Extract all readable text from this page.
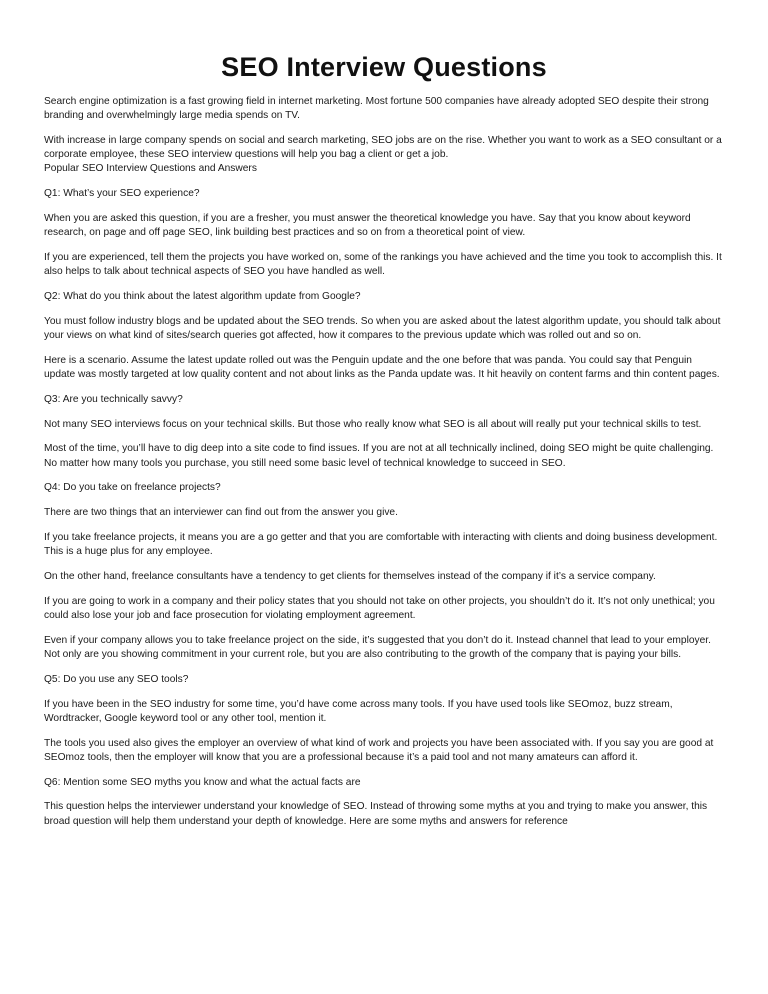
SEO Interview Questions

Search engine optimization is a fast growing field in internet marketing. Most fortune 500 companies have already adopted SEO despite their strong branding and overwhelmingly large media spends on TV.

With increase in large company spends on social and search marketing, SEO jobs are on the rise. Whether you want to work as a SEO consultant or a corporate employee, these SEO interview questions will help you bag a client or get a job.

Popular SEO Interview Questions and Answers

Q1: What’s your SEO experience?

When you are asked this question, if you are a fresher, you must answer the theoretical knowledge you have. Say that you know about keyword research, on page and off page SEO, link building best practices and so on from a theoretical point of view.

If you are experienced, tell them the projects you have worked on, some of the rankings you have achieved and the time you took to accomplish this. It also helps to talk about technical aspects of SEO you have handled as well.

Q2: What do you think about the latest algorithm update from Google?

You must follow industry blogs and be updated about the SEO trends. So when you are asked about the latest algorithm update, you should talk about your views on what kind of sites/search queries got affected, how it compares to the previous update which was rolled out and so on.

Here is a scenario. Assume the latest update rolled out was the Penguin update and the one before that was panda. You could say that Penguin update was mostly targeted at low quality content and not about links as the Panda update was. It hit heavily on content farms and thin content pages.

Q3: Are you technically savvy?

Not many SEO interviews focus on your technical skills. But those who really know what SEO is all about will really put your technical skills to test.

Most of the time, you’ll have to dig deep into a site code to find issues. If you are not at all technically inclined, doing SEO might be quite challenging. No matter how many tools you purchase, you still need some basic level of technical knowledge to succeed in SEO.

Q4: Do you take on freelance projects?

There are two things that an interviewer can find out from the answer you give.

If you take freelance projects, it means you are a go getter and that you are comfortable with interacting with clients and doing business development. This is a huge plus for any employee.

On the other hand, freelance consultants have a tendency to get clients for themselves instead of the company if it’s a service company.

If you are going to work in a company and their policy states that you should not take on other projects, you shouldn’t do it. It’s not only unethical; you could also lose your job and face prosecution for violating employment agreement.

Even if your company allows you to take freelance project on the side, it’s suggested that you don’t do it. Instead channel that lead to your employer. Not only are you showing commitment in your current role, but you are also contributing to the growth of the company that is paying your bills.

Q5: Do you use any SEO tools?

If you have been in the SEO industry for some time, you’d have come across many tools. If you have used tools like SEOmoz, buzz stream, Wordtracker, Google keyword tool or any other tool, mention it.

The tools you used also gives the employer an overview of what kind of work and projects you have been associated with. If you say you are good at SEOmoz tools, then the employer will know that you are a professional because it’s a paid tool and not many amateurs can afford it.

Q6: Mention some SEO myths you know and what the actual facts are

This question helps the interviewer understand your knowledge of SEO. Instead of throwing some myths at you and trying to make you answer, this broad question will help them understand your depth of knowledge. Here are some myths and answers for reference
